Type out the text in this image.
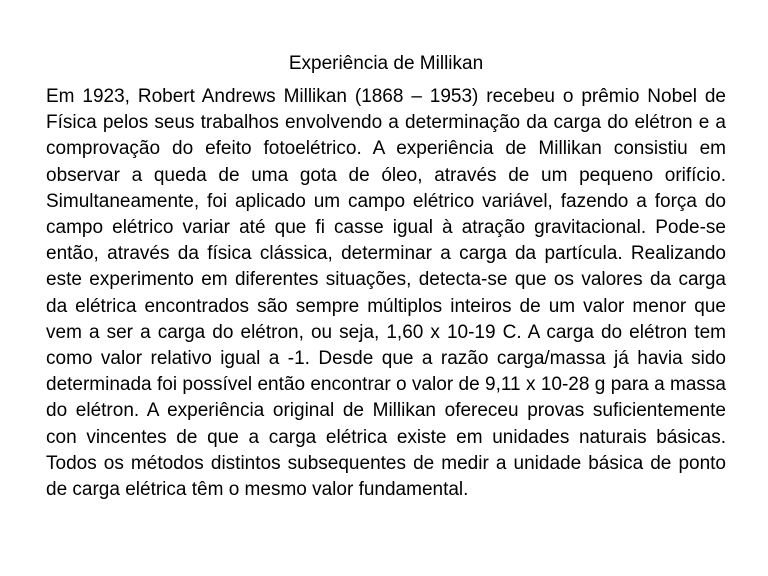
Experiência de Millikan
Em 1923, Robert Andrews Millikan (1868 – 1953) recebeu o prêmio Nobel de Física pelos seus trabalhos envolvendo a determinação da carga do elétron e a comprovação do efeito fotoelétrico. A experiência de Millikan consistiu em observar a queda de uma gota de óleo, através de um pequeno orifício. Simultaneamente, foi aplicado um campo elétrico variável, fazendo a força do campo elétrico variar até que fi casse igual à atração gravitacional. Pode-se então, através da física clássica, determinar a carga da partícula. Realizando este experimento em diferentes situações, detecta-se que os valores da carga da elétrica encontrados são sempre múltiplos inteiros de um valor menor que vem a ser a carga do elétron, ou seja, 1,60 x 10-19 C. A carga do elétron tem como valor relativo igual a -1. Desde que a razão carga/massa já havia sido determinada foi possível então encontrar o valor de 9,11 x 10-28 g para a massa do elétron. A experiência original de Millikan ofereceu provas suficientemente con vincentes de que a carga elétrica existe em unidades naturais básicas. Todos os métodos distintos subsequentes de medir a unidade básica de ponto de carga elétrica têm o mesmo valor fundamental.
